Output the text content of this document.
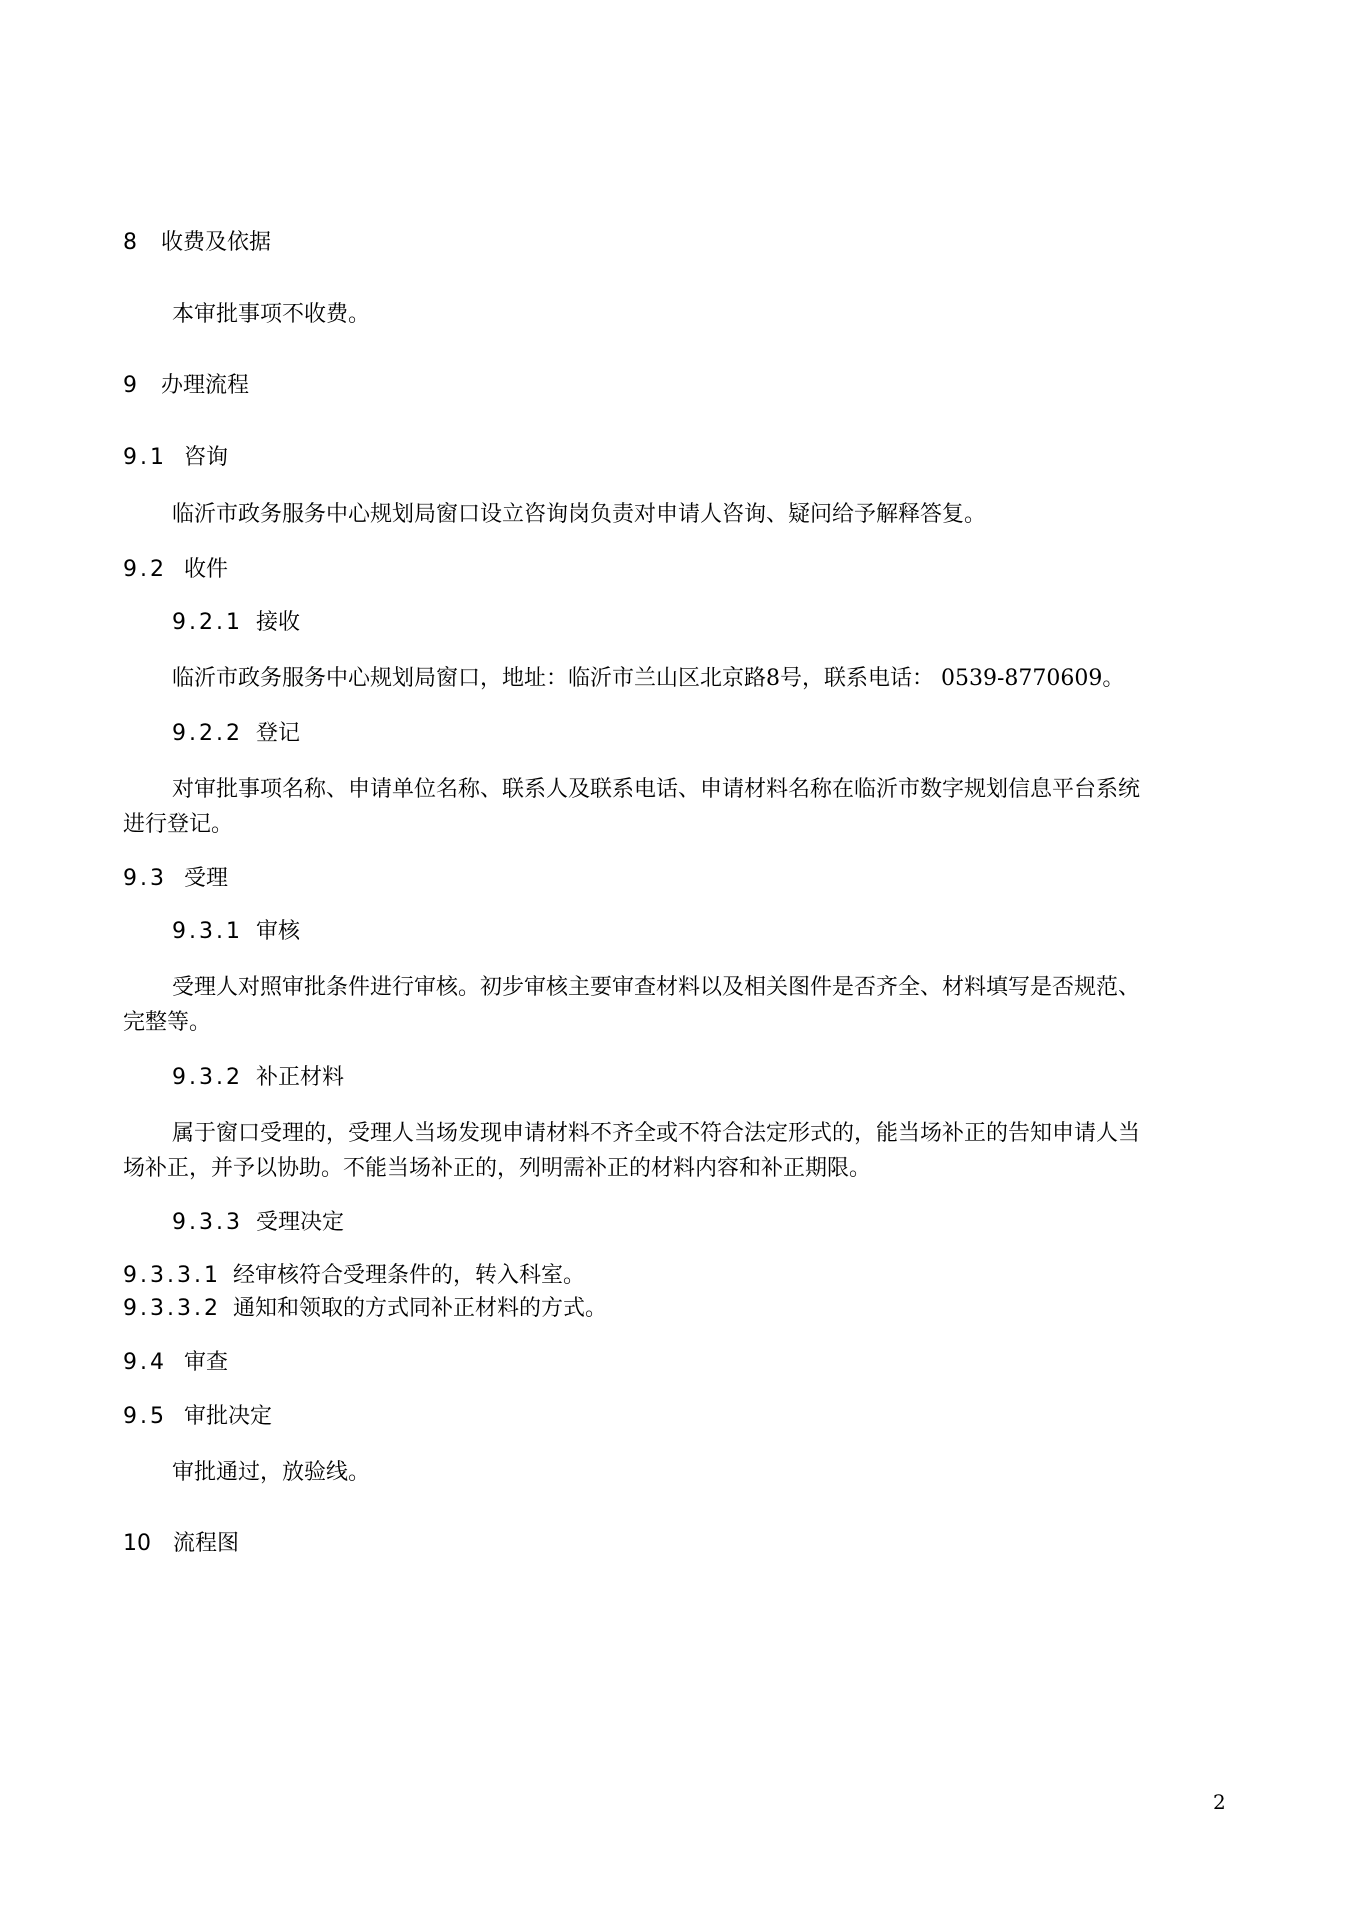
8 收费及依据
本审批事项不收费。
9 办理流程
9.1 咨询
临沂市政务服务中心规划局窗口设立咨询岗负责对申请人咨询、疑问给予解释答复。
9.2 收件
9.2.1 接收
临沂市政务服务中心规划局窗口，地址：临沂市兰山区北京路8号，联系电话： 0539-8770609。
9.2.2 登记
对审批事项名称、申请单位名称、联系人及联系电话、申请材料名称在临沂市数字规划信息平台系统
进行登记。
9.3 受理
9.3.1 审核
受理人对照审批条件进行审核。初步审核主要审查材料以及相关图件是否齐全、材料填写是否规范、
完整等。
9.3.2 补正材料
属于窗口受理的，受理人当场发现申请材料不齐全或不符合法定形式的，能当场补正的告知申请人当
场补正，并予以协助。不能当场补正的，列明需补正的材料内容和补正期限。
9.3.3 受理决定
9.3.3.1 经审核符合受理条件的，转入科室。
9.3.3.2 通知和领取的方式同补正材料的方式。
9.4 审查
9.5 审批决定
审批通过，放验线。
10 流程图
2
